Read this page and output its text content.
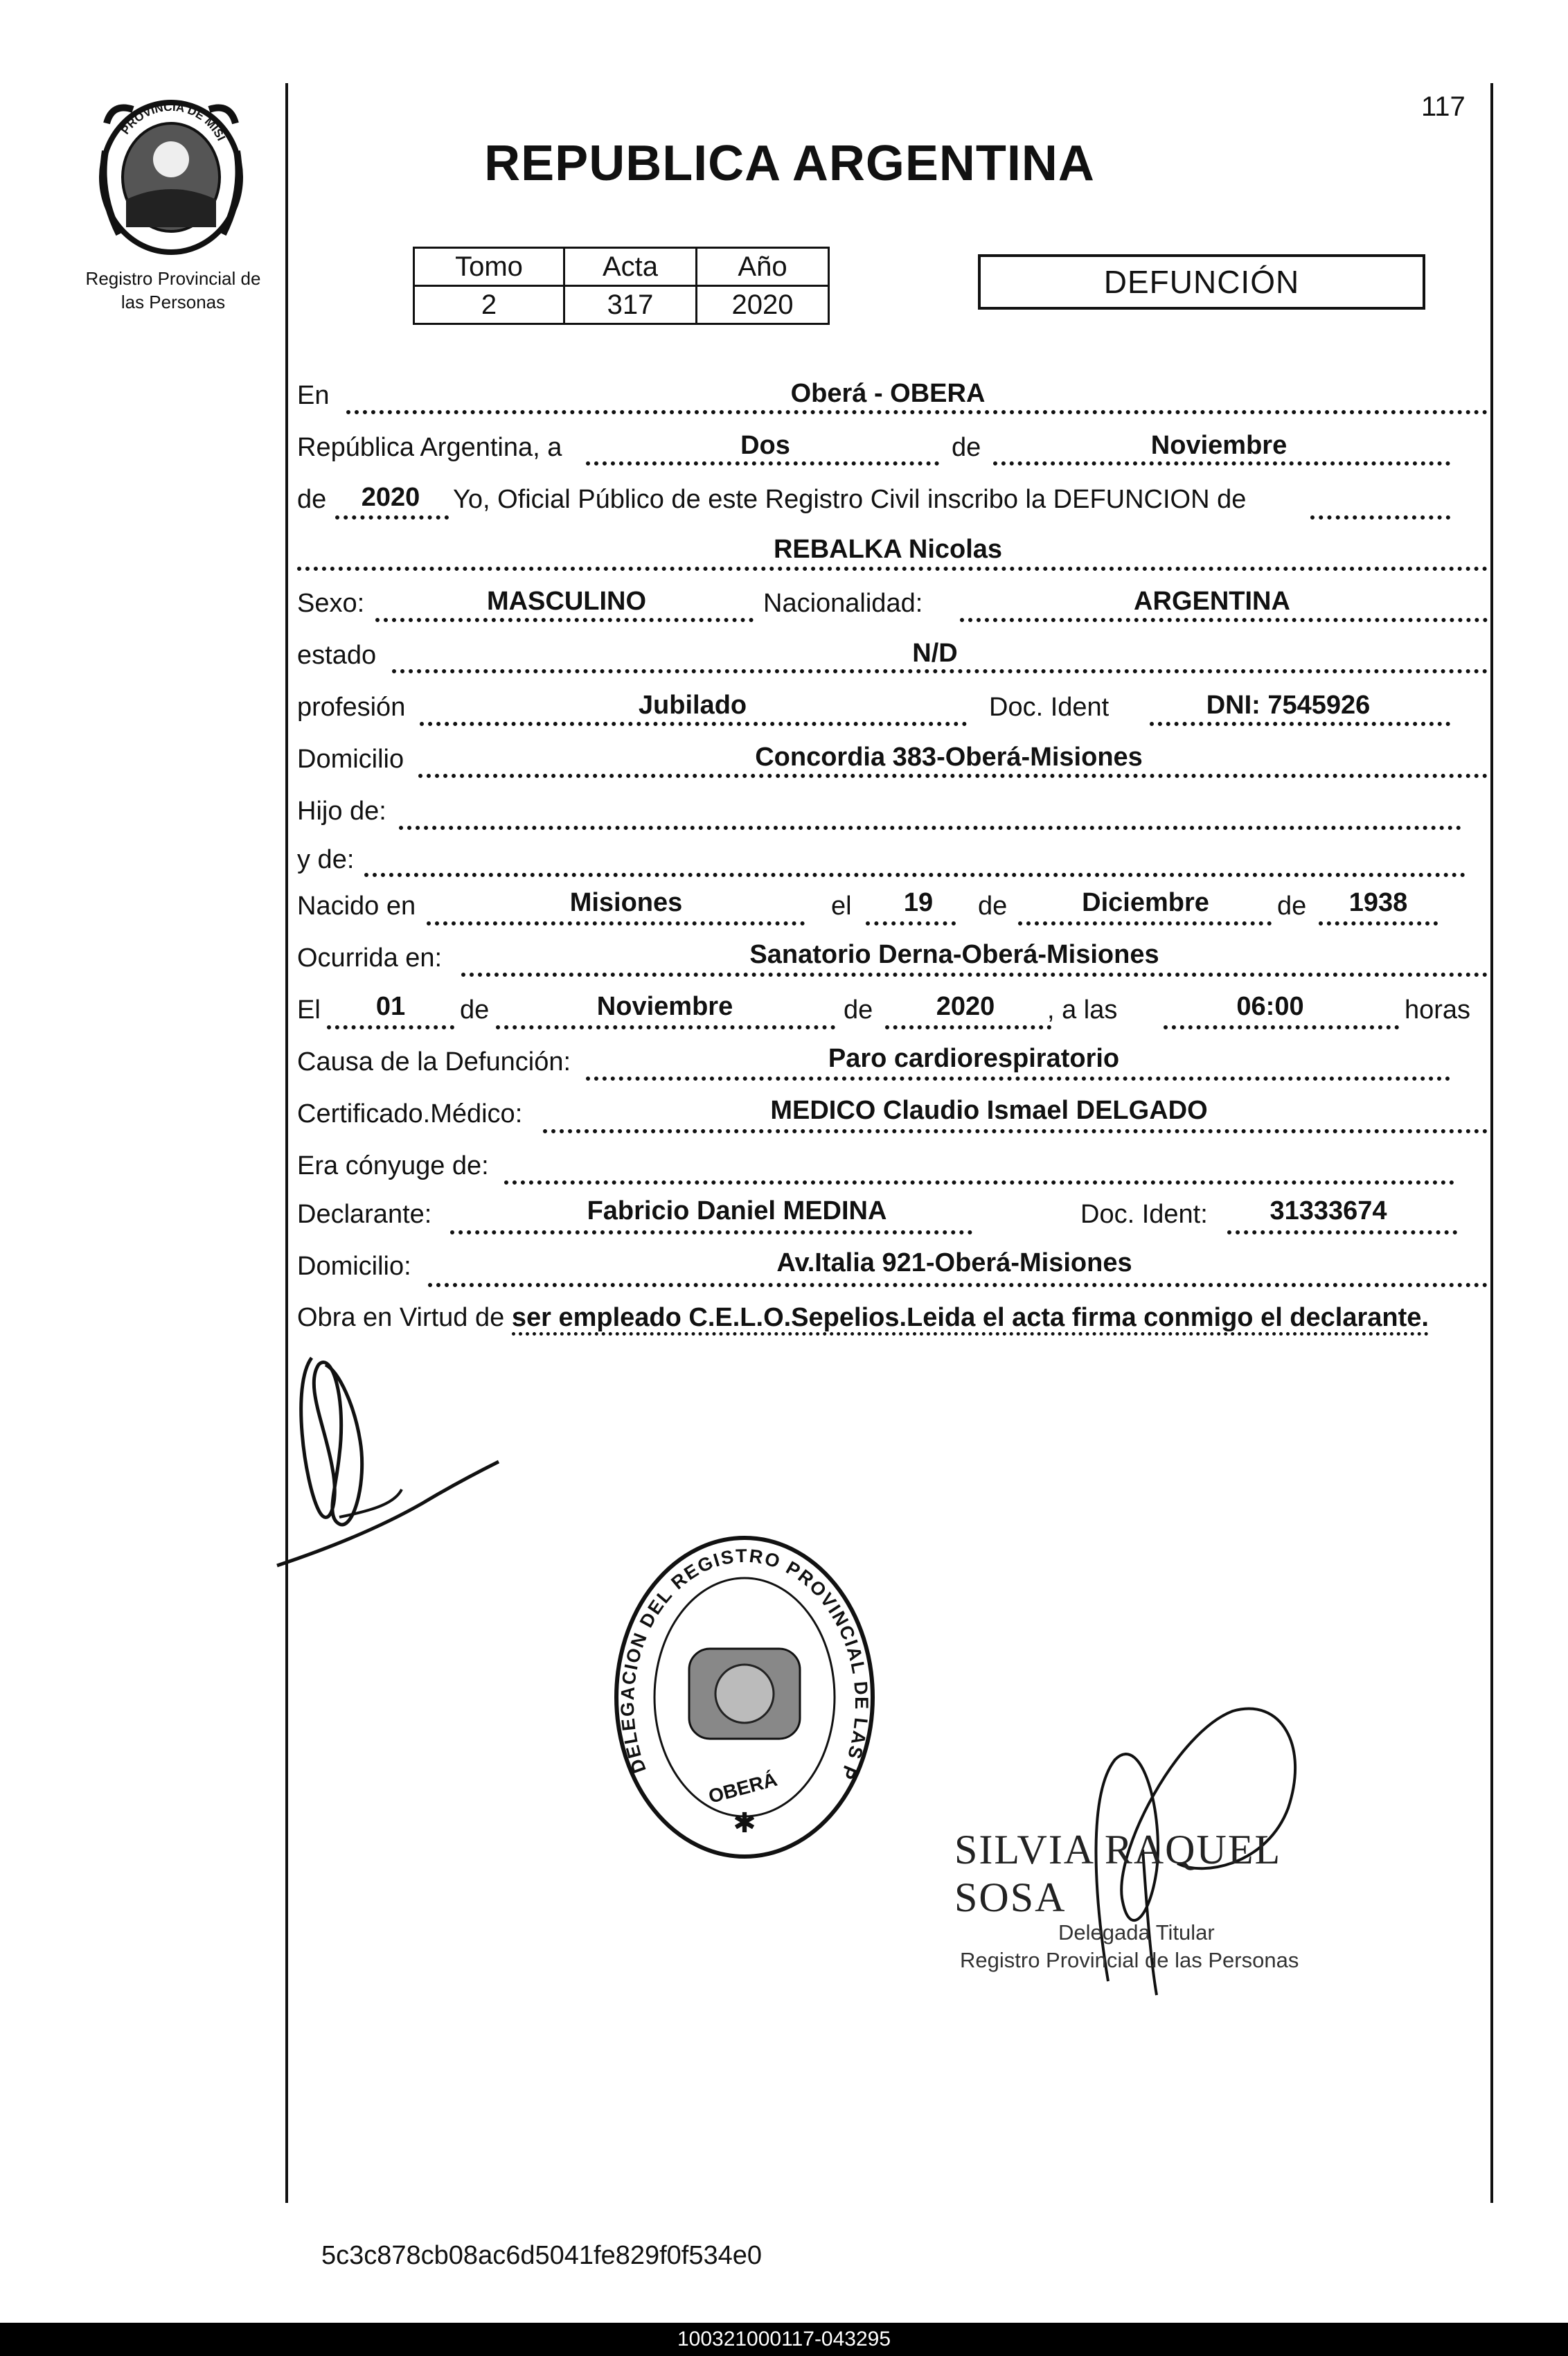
PROVINCIA DE MISI
Registro Provincial de
las Personas
117
REPUBLICA ARGENTINA
Tomo	Acta	Año
2	317	2020
DEFUNCIÓN
En	Oberá - OBERA
República Argentina, a	Dos	de	Noviembre
de 2020 Yo, Oficial Público de este Registro Civil inscribo la DEFUNCION de
REBALKA Nicolas
Sexo:	MASCULINO	Nacionalidad:	ARGENTINA
estado	N/D
profesión	Jubilado	Doc. Ident	DNI: 7545926
Domicilio	Concordia 383-Oberá-Misiones
Hijo de:
y de:
Nacido en	Misiones	el 19 de	Diciembre	de 1938
Ocurrida en:	Sanatorio Derna-Oberá-Misiones
El 01 de	Noviembre	de 2020 , a las	06:00	horas
Causa de la Defunción:	Paro cardiorespiratorio
Certificado.Médico:	MEDICO Claudio Ismael DELGADO
Era cónyuge de:
Declarante:	Fabricio Daniel MEDINA	Doc. Ident: 31333674
Domicilio:	Av.Italia 921-Oberá-Misiones
Obra en Virtud de ser empleado C.E.L.O.Sepelios.Leida el acta firma conmigo el declarante.
DELEGACION DEL REGISTRO PROVINCIAL DE LAS P
OBERÁ
✱
SILVIA RAQUEL SOSA
Delegada Titular
Registro Provincial de las Personas
5c3c878cb08ac6d5041fe829f0f534e0
100321000117-043295
